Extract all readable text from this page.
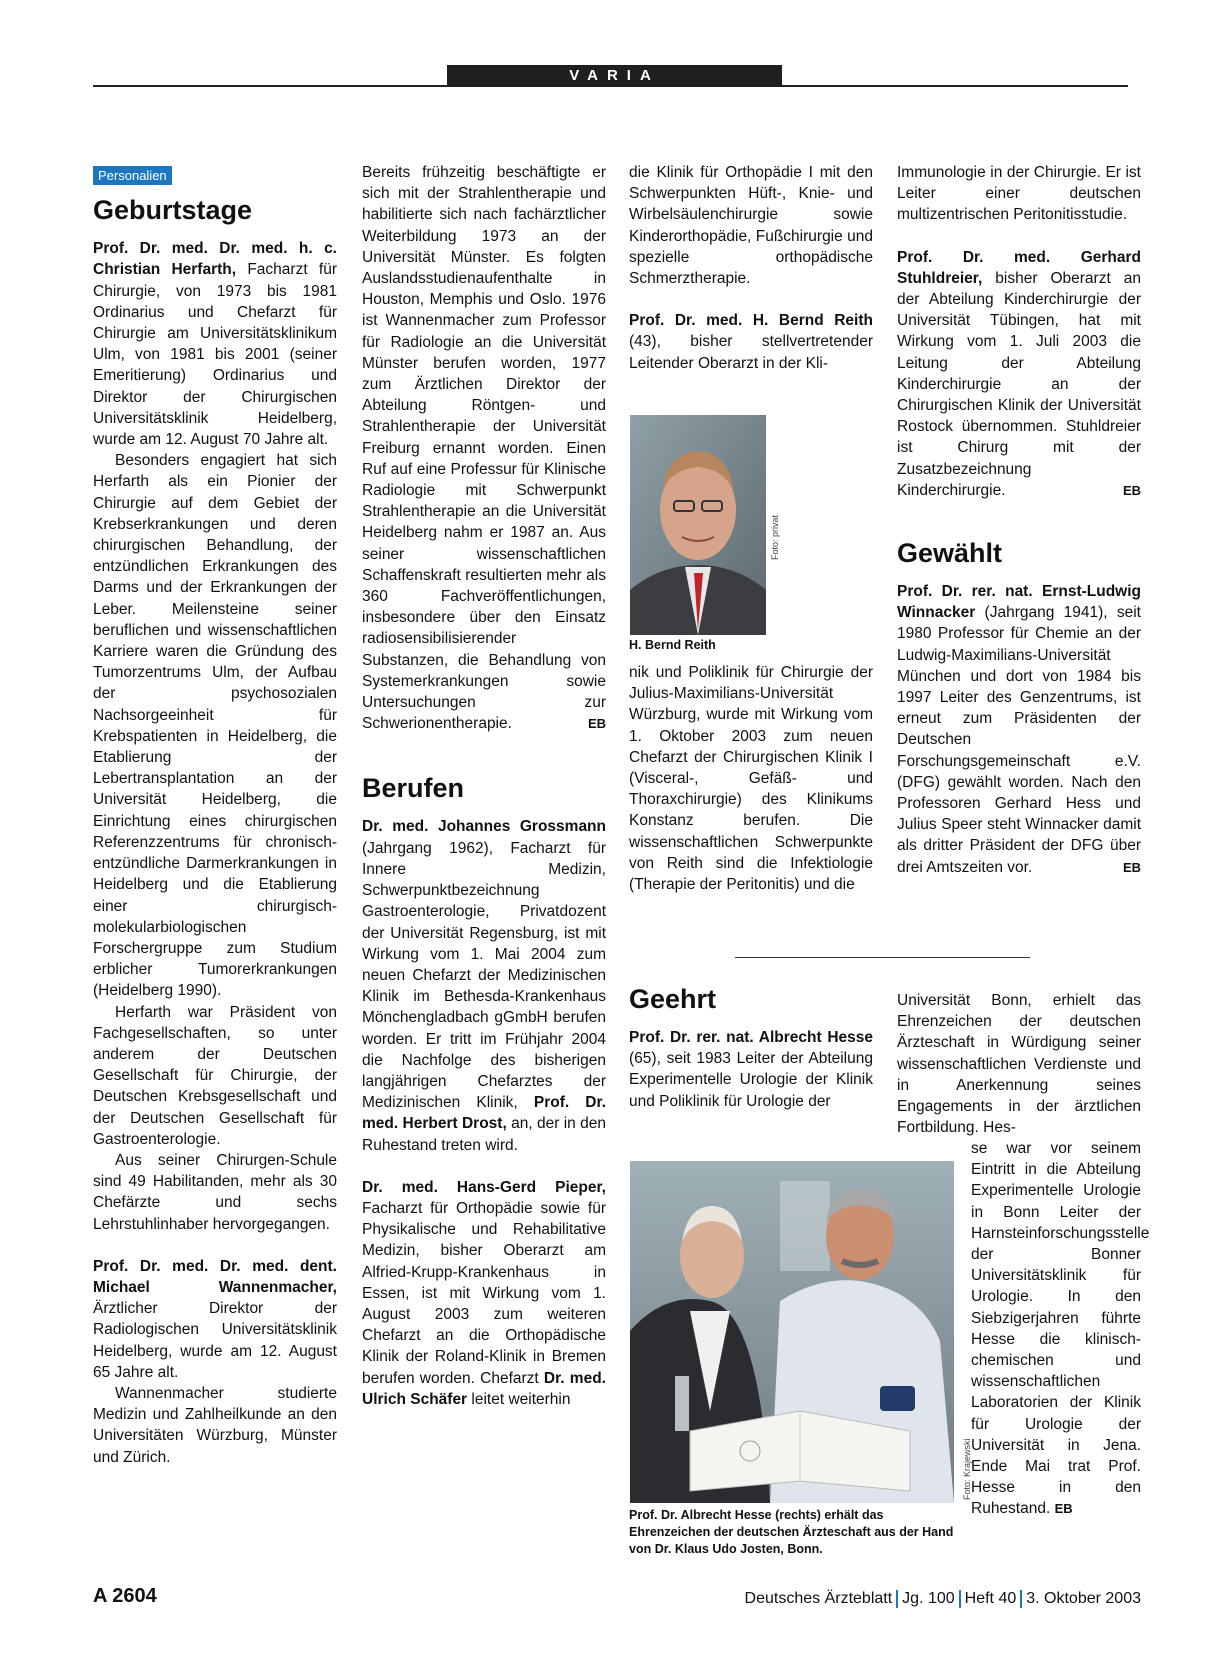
VARIA
Personalien
Geburtstage

Prof. Dr. med. Dr. med. h. c. Christian Herfarth, Facharzt für Chirurgie, von 1973 bis 1981 Ordinarius und Chefarzt für Chirurgie am Universitätsklinikum Ulm, von 1981 bis 2001 (seiner Emeritierung) Ordinarius und Direktor der Chirurgischen Universitätsklinik Heidelberg, wurde am 12. August 70 Jahre alt.

Besonders engagiert hat sich Herfarth als ein Pionier der Chirurgie auf dem Gebiet der Krebserkrankungen und deren chirurgischen Behandlung, der entzündlichen Erkrankungen des Darms und der Erkrankungen der Leber. Meilensteine seiner beruflichen und wissenschaftlichen Karriere waren die Gründung des Tumorzentrums Ulm, der Aufbau der psychosozialen Nachsorgeeinheit für Krebspatienten in Heidelberg, die Etablierung der Lebertransplantation an der Universität Heidelberg, die Einrichtung eines chirurgischen Referenzzentrums für chronisch-entzündliche Darmerkrankungen in Heidelberg und die Etablierung einer chirurgisch-molekularbiologischen Forschergruppe zum Studium erblicher Tumorerkrankungen (Heidelberg 1990).

Herfarth war Präsident von Fachgesellschaften, so unter anderem der Deutschen Gesellschaft für Chirurgie, der Deutschen Krebsgesellschaft und der Deutschen Gesellschaft für Gastroenterologie.

Aus seiner Chirurgen-Schule sind 49 Habilitanden, mehr als 30 Chefärzte und sechs Lehrstuhlinhaber hervorgegangen.

Prof. Dr. med. Dr. med. dent. Michael Wannenmacher, Ärztlicher Direktor der Radiologischen Universitätsklinik Heidelberg, wurde am 12. August 65 Jahre alt.

Wannenmacher studierte Medizin und Zahlheilkunde an den Universitäten Würzburg, Münster und Zürich.

Bereits frühzeitig beschäftigte er sich mit der Strahlentherapie und habilitierte sich nach fachärztlicher Weiterbildung 1973 an der Universität Münster. Es folgten Auslandsstudienaufenthalte in Houston, Memphis und Oslo. 1976 ist Wannenmacher zum Professor für Radiologie an die Universität Münster berufen worden, 1977 zum Ärztlichen Direktor der Abteilung Röntgen- und Strahlentherapie der Universität Freiburg ernannt worden. Einen Ruf auf eine Professur für Klinische Radiologie mit Schwerpunkt Strahlentherapie an die Universität Heidelberg nahm er 1987 an. Aus seiner wissenschaftlichen Schaffenskraft resultierten mehr als 360 Fachveröffentlichungen, insbesondere über den Einsatz radiosensibilisierender Substanzen, die Behandlung von Systemerkrankungen sowie Untersuchungen zur Schwerionentherapie.	EB

Berufen

Dr. med. Johannes Grossmann (Jahrgang 1962), Facharzt für Innere Medizin, Schwerpunktbezeichnung Gastroenterologie, Privatdozent der Universität Regensburg, ist mit Wirkung vom 1. Mai 2004 zum neuen Chefarzt der Medizinischen Klinik im Bethesda-Krankenhaus Mönchengladbach gGmbH berufen worden. Er tritt im Frühjahr 2004 die Nachfolge des bisherigen langjährigen Chefarztes der Medizinischen Klinik, Prof. Dr. med. Herbert Drost, an, der in den Ruhestand treten wird.

Dr. med. Hans-Gerd Pieper, Facharzt für Orthopädie sowie für Physikalische und Rehabilitative Medizin, bisher Oberarzt am Alfried-Krupp-Krankenhaus in Essen, ist mit Wirkung vom 1. August 2003 zum weiteren Chefarzt an die Orthopädische Klinik der Roland-Klinik in Bremen berufen worden. Chefarzt Dr. med. Ulrich Schäfer leitet weiterhin

die Klinik für Orthopädie I mit den Schwerpunkten Hüft-, Knie- und Wirbelsäulenchirurgie sowie Kinderorthopädie, Fußchirurgie und spezielle orthopädische Schmerztherapie.

Prof. Dr. med. H. Bernd Reith (43), bisher stellvertretender Leitender Oberarzt in der Kli-

Foto: privat
H. Bernd Reith

nik und Poliklinik für Chirurgie der Julius-Maximilians-Universität Würzburg, wurde mit Wirkung vom 1. Oktober 2003 zum neuen Chefarzt der Chirurgischen Klinik I (Visceral-, Gefäß- und Thoraxchirurgie) des Klinikums Konstanz berufen. Die wissenschaftlichen Schwerpunkte von Reith sind die Infektiologie (Therapie der Peritonitis) und die

Immunologie in der Chirurgie. Er ist Leiter einer deutschen multizentrischen Peritonitisstudie.

Prof. Dr. med. Gerhard Stuhldreier, bisher Oberarzt an der Abteilung Kinderchirurgie der Universität Tübingen, hat mit Wirkung vom 1. Juli 2003 die Leitung der Abteilung Kinderchirurgie an der Chirurgischen Klinik der Universität Rostock übernommen. Stuhldreier ist Chirurg mit der Zusatzbezeichnung Kinderchirurgie.	EB

Gewählt

Prof. Dr. rer. nat. Ernst-Ludwig Winnacker (Jahrgang 1941), seit 1980 Professor für Chemie an der Ludwig-Maximilians-Universität München und dort von 1984 bis 1997 Leiter des Genzentrums, ist erneut zum Präsidenten der Deutschen Forschungsgemeinschaft e.V. (DFG) gewählt worden. Nach den Professoren Gerhard Hess und Julius Speer steht Winnacker damit als dritter Präsident der DFG über drei Amtszeiten vor.	EB

Geehrt

Prof. Dr. rer. nat. Albrecht Hesse (65), seit 1983 Leiter der Abteilung Experimentelle Urologie der Klinik und Poliklinik für Urologie der

Foto: Krajewski
Prof. Dr. Albrecht Hesse (rechts) erhält das Ehrenzeichen der deutschen Ärzteschaft aus der Hand von Dr. Klaus Udo Josten, Bonn.

Universität Bonn, erhielt das Ehrenzeichen der deutschen Ärzteschaft in Würdigung seiner wissenschaftlichen Verdienste und in Anerkennung seines Engagements in der ärztlichen Fortbildung. Hes-

se war vor seinem Eintritt in die Abteilung Experimentelle Urologie in Bonn Leiter der Harnsteinforschungsstelle der Bonner Universitätsklinik für Urologie. In den Siebzigerjahren führte Hesse die klinisch-chemischen und wissenschaftlichen Laboratorien der Klinik für Urologie der Universität in Jena. Ende Mai trat Prof. Hesse in den Ruhestand. EB

A 2604	Deutsches Ärzteblatt Jg. 100 Heft 40 3. Oktober 2003
